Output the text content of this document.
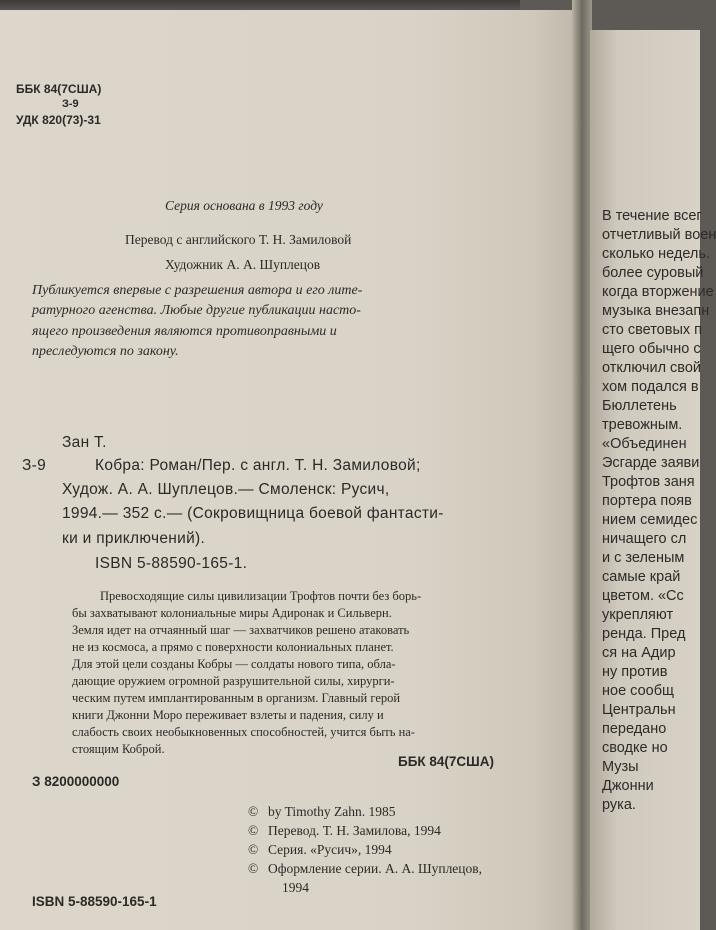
ББК 84(7США)
З-9
УДК 820(73)-31
Серия основана в 1993 году
Перевод с английского Т. Н. Замиловой
Художник А. А. Шуплецов
Публикуется впервые с разрешения автора и его лите-
ратурного агенства. Любые другие публикации насто-
ящего произведения являются противоправными и
преследуются по закону.
Зан Т.
З-9	Кобра: Роман/Пер. с англ. Т. Н. Замиловой;
Худож. А. А. Шуплецов.— Смоленск: Русич,
1994.— 352 с.— (Сокровищница боевой фантасти-
ки и приключений).
ISBN 5-88590-165-1.
Превосходящие силы цивилизации Трофтов почти без борь-
бы захватывают колониальные миры Адиронак и Сильверн.
Земля идет на отчаянный шаг — захватчиков решено атаковать
не из космоса, а прямо с поверхности колониальных планет.
Для этой цели созданы Кобры — солдаты нового типа, обла-
дающие оружием огромной разрушительной силы, хирурги-
ческим путем имплантированным в организм. Главный герой
книги Джонни Моро переживает взлеты и падения, силу и
слабость своих необыкновенных способностей, учится быть на-
стоящим Коброй.
ББК 84(7США)
З 8200000000
© by Timothy Zahn. 1985
© Перевод. Т. Н. Замилова, 1994
© Серия. «Русич», 1994
© Оформление серии. А. А. Шуплецов,
1994
ISBN 5-88590-165-1
В течение всег
отчетливый воен
сколько недель.
более суровый
когда вторжение
музыка внезапн
сто световых п
щего обычно с
отключил свой
хом подался в
Бюллетень
тревожным.
«Объединен
Эсгарде заяви
Трофтов заня
портера появ
нием семидес
ничащего сл
и с зеленым
самые край
цветом. «Сс
укрепляют
ренда. Пред
ся на Адир
ну против
ное сообщ
Центральн
передано
сводке но
Музы
Джонни
рука.
